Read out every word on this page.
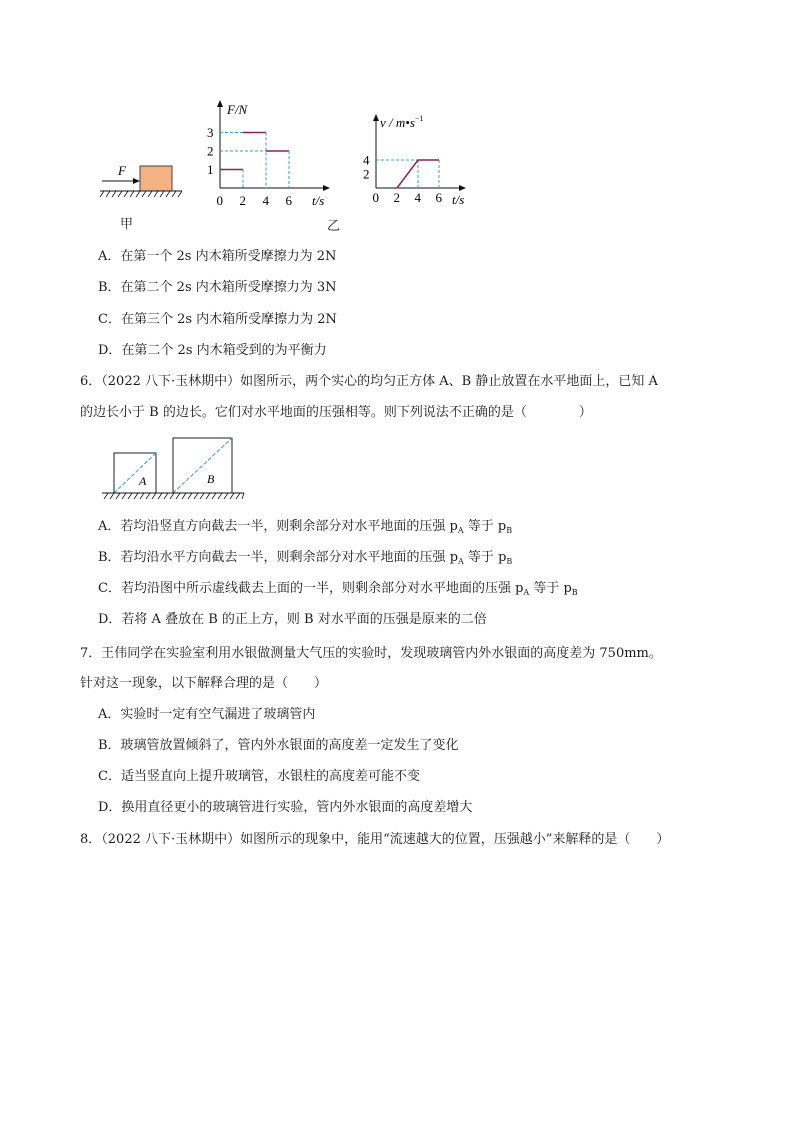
F
甲
F/N
t/s
0 2 4 6
1
2
3
乙
v / $m•s^{-1}$
t/s
0 2 4 6
2
4
A．在第一个 2s 内木箱所受摩擦力为 2N
B．在第二个 2s 内木箱所受摩擦力为 3N
C．在第三个 2s 内木箱所受摩擦力为 2N
D．在第二个 2s 内木箱受到的为平衡力
6．（2022 八下·玉林期中）如图所示，两个实心的均匀正方体 A、B 静止放置在水平地面上，已知 A
的边长小于 B 的边长。它们对水平地面的压强相等。则下列说法不正确的是（　　　　）
A	B
A．若均沿竖直方向截去一半，则剩余部分对水平地面的压强 $p_A$ 等于 $p_B$
B．若均沿水平方向截去一半，则剩余部分对水平地面的压强 $p_A$ 等于 $p_B$
C．若均沿图中所示虚线截去上面的一半，则剩余部分对水平地面的压强 $p_A$ 等于 $p_B$
D．若将 A 叠放在 B 的正上方，则 B 对水平面的压强是原来的二倍
7．王伟同学在实验室利用水银做测量大气压的实验时，发现玻璃管内外水银面的高度差为 750mm。
针对这一现象，以下解释合理的是（　　）
A．实验时一定有空气漏进了玻璃管内
B．玻璃管放置倾斜了，管内外水银面的高度差一定发生了变化
C．适当竖直向上提升玻璃管，水银柱的高度差可能不变
D．换用直径更小的玻璃管进行实验，管内外水银面的高度差增大
8．（2022 八下·玉林期中）如图所示的现象中，能用“流速越大的位置，压强越小”来解释的是（　　）
